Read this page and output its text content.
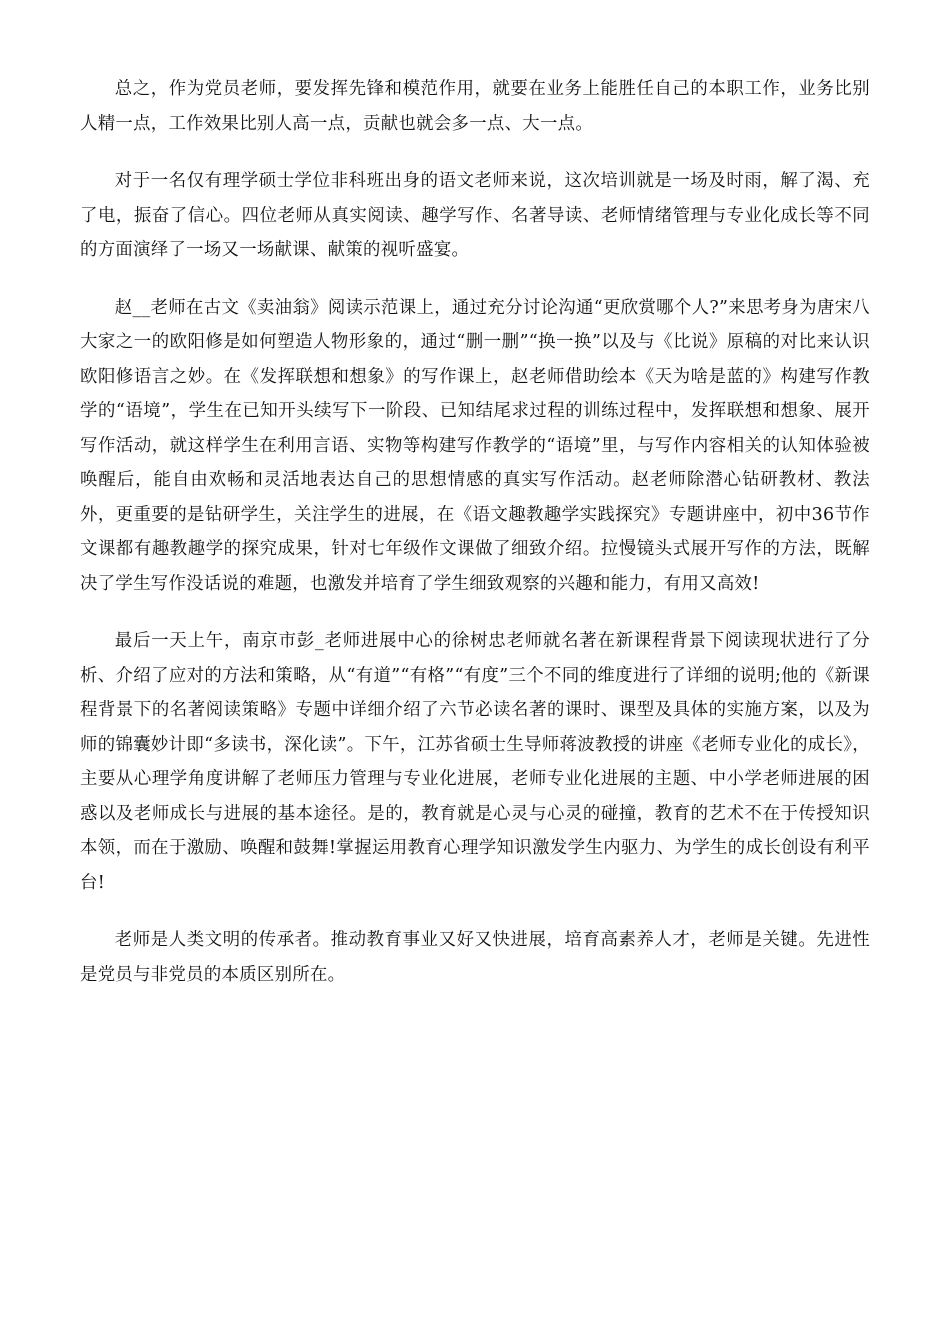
总之，作为党员老师，要发挥先锋和模范作用，就要在业务上能胜任自己的本职工作，业务比别人精一点，工作效果比别人高一点，贡献也就会多一点、大一点。

对于一名仅有理学硕士学位非科班出身的语文老师来说，这次培训就是一场及时雨，解了渴、充了电，振奋了信心。四位老师从真实阅读、趣学写作、名著导读、老师情绪管理与专业化成长等不同的方面演绎了一场又一场献课、献策的视听盛宴。

赵__老师在古文《卖油翁》阅读示范课上，通过充分讨论沟通“更欣赏哪个人?”来思考身为唐宋八大家之一的欧阳修是如何塑造人物形象的，通过“删一删”“换一换”以及与《比说》原稿的对比来认识欧阳修语言之妙。在《发挥联想和想象》的写作课上，赵老师借助绘本《天为啥是蓝的》构建写作教学的“语境”，学生在已知开头续写下一阶段、已知结尾求过程的训练过程中，发挥联想和想象、展开写作活动，就这样学生在利用言语、实物等构建写作教学的“语境”里，与写作内容相关的认知体验被唤醒后，能自由欢畅和灵活地表达自己的思想情感的真实写作活动。赵老师除潜心钻研教材、教法外，更重要的是钻研学生，关注学生的进展，在《语文趣教趣学实践探究》专题讲座中，初中36节作文课都有趣教趣学的探究成果，针对七年级作文课做了细致介绍。拉慢镜头式展开写作的方法，既解决了学生写作没话说的难题，也激发并培育了学生细致观察的兴趣和能力，有用又高效!

最后一天上午，南京市彭_老师进展中心的徐树忠老师就名著在新课程背景下阅读现状进行了分析、介绍了应对的方法和策略，从“有道”“有格”“有度”三个不同的维度进行了详细的说明;他的《新课程背景下的名著阅读策略》专题中详细介绍了六节必读名著的课时、课型及具体的实施方案，以及为师的锦囊妙计即“多读书，深化读”。下午，江苏省硕士生导师蒋波教授的讲座《老师专业化的成长》，主要从心理学角度讲解了老师压力管理与专业化进展，老师专业化进展的主题、中小学老师进展的困惑以及老师成长与进展的基本途径。是的，教育就是心灵与心灵的碰撞，教育的艺术不在于传授知识本领，而在于激励、唤醒和鼓舞!掌握运用教育心理学知识激发学生内驱力、为学生的成长创设有利平台!

老师是人类文明的传承者。推动教育事业又好又快进展，培育高素养人才，老师是关键。先进性是党员与非党员的本质区别所在。
